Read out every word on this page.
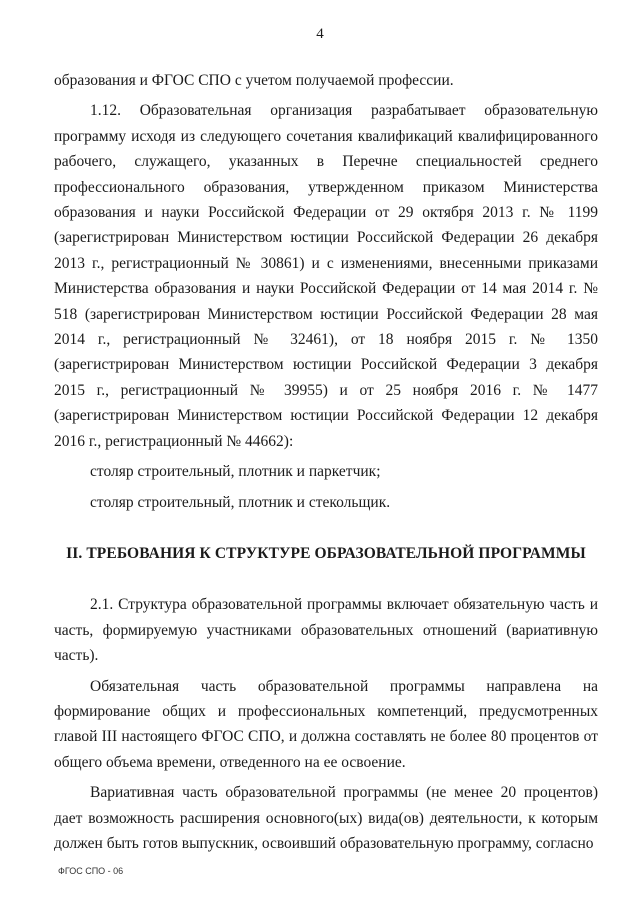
4

образования и ФГОС СПО с учетом получаемой профессии.

1.12. Образовательная организация разрабатывает образовательную программу исходя из следующего сочетания квалификаций квалифицированного рабочего, служащего, указанных в Перечне специальностей среднего профессионального образования, утвержденном приказом Министерства образования и науки Российской Федерации от 29 октября 2013 г. № 1199 (зарегистрирован Министерством юстиции Российской Федерации 26 декабря 2013 г., регистрационный № 30861) и с изменениями, внесенными приказами Министерства образования и науки Российской Федерации от 14 мая 2014 г. № 518 (зарегистрирован Министерством юстиции Российской Федерации 28 мая 2014 г., регистрационный № 32461), от 18 ноября 2015 г. № 1350 (зарегистрирован Министерством юстиции Российской Федерации 3 декабря 2015 г., регистрационный № 39955) и от 25 ноября 2016 г. № 1477 (зарегистрирован Министерством юстиции Российской Федерации 12 декабря 2016 г., регистрационный № 44662):

столяр строительный, плотник и паркетчик;

столяр строительный, плотник и стекольщик.

II. ТРЕБОВАНИЯ К СТРУКТУРЕ ОБРАЗОВАТЕЛЬНОЙ ПРОГРАММЫ

2.1. Структура образовательной программы включает обязательную часть и часть, формируемую участниками образовательных отношений (вариативную часть).

Обязательная часть образовательной программы направлена на формирование общих и профессиональных компетенций, предусмотренных главой III настоящего ФГОС СПО, и должна составлять не более 80 процентов от общего объема времени, отведенного на ее освоение.

Вариативная часть образовательной программы (не менее 20 процентов) дает возможность расширения основного(ых) вида(ов) деятельности, к которым должен быть готов выпускник, освоивший образовательную программу, согласно

ФГОС СПО - 06
